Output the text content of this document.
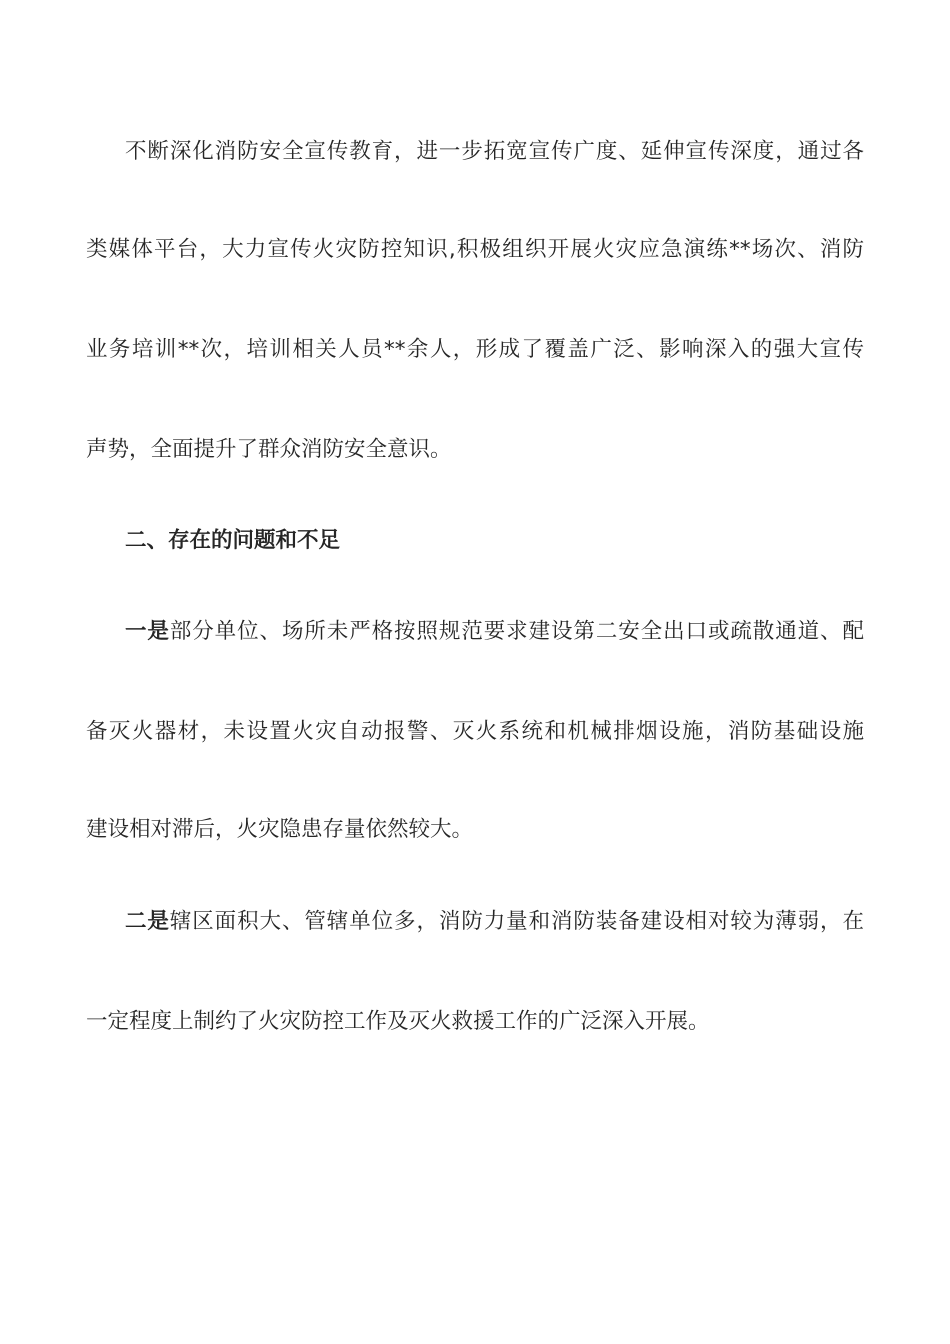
不断深化消防安全宣传教育，进一步拓宽宣传广度、延伸宣传深度，通过各
类媒体平台，大力宣传火灾防控知识,积极组织开展火灾应急演练**场次、消防
业务培训**次，培训相关人员**余人，形成了覆盖广泛、影响深入的强大宣传
声势，全面提升了群众消防安全意识。
二、存在的问题和不足
一是部分单位、场所未严格按照规范要求建设第二安全出口或疏散通道、配
备灭火器材，未设置火灾自动报警、灭火系统和机械排烟设施，消防基础设施
建设相对滞后，火灾隐患存量依然较大。
二是辖区面积大、管辖单位多，消防力量和消防装备建设相对较为薄弱，在
一定程度上制约了火灾防控工作及灭火救援工作的广泛深入开展。
